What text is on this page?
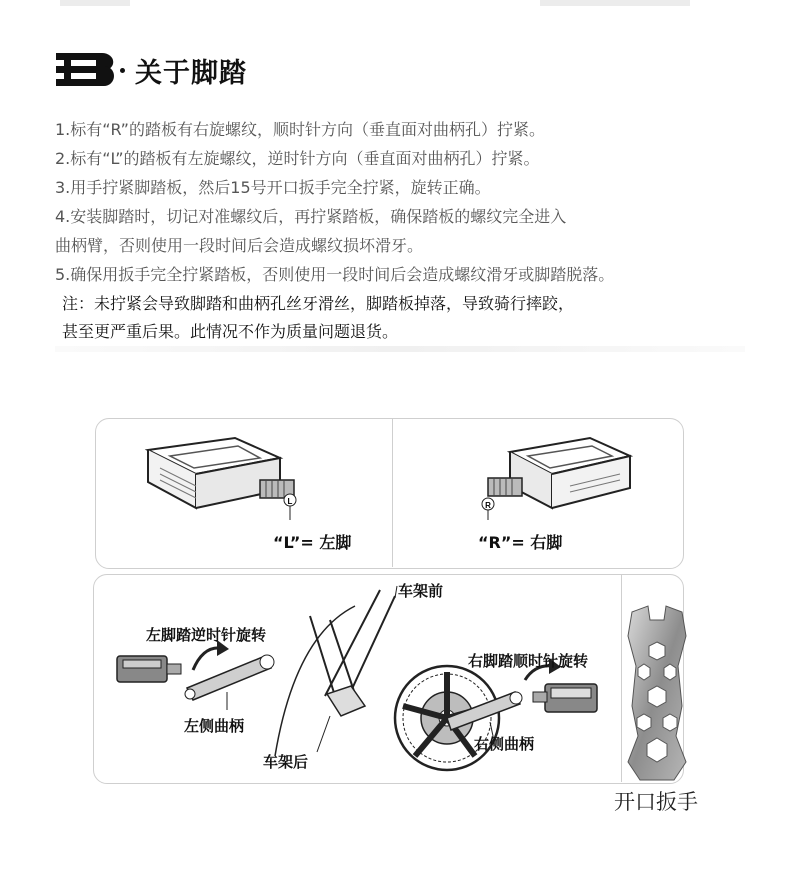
关于脚踏

1.标有“R”的踏板有右旋螺纹，顺时针方向（垂直面对曲柄孔）拧紧。

2.标有“L”的踏板有左旋螺纹，逆时针方向（垂直面对曲柄孔）拧紧。

3.用手拧紧脚踏板，然后15号开口扳手完全拧紧，旋转正确。

4.安装脚踏时，切记对准螺纹后，再拧紧踏板，确保踏板的螺纹完全进入

曲柄臂，否则使用一段时间后会造成螺纹损坏滑牙。

5.确保用扳手完全拧紧踏板，否则使用一段时间后会造成螺纹滑牙或脚踏脱落。

注：未拧紧会导致脚踏和曲柄孔丝牙滑丝，脚踏板掉落，导致骑行摔跤，

甚至更严重后果。此情况不作为质量问题退货。

L
“L”= 左脚
R
“R”= 右脚
车架前
左脚踏逆时针旋转
右脚踏顺时针旋转
左侧曲柄
右侧曲柄
车架后
开口扳手
